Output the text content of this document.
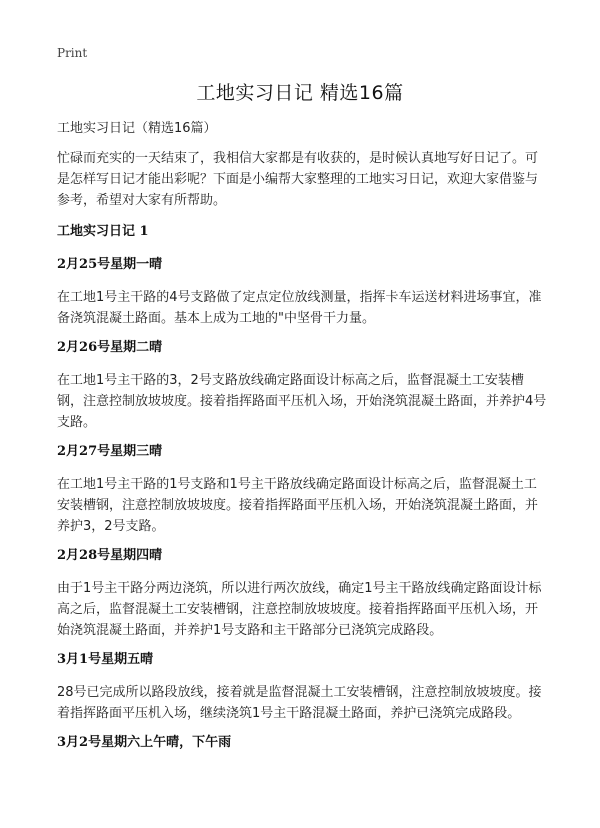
Print
工地实习日记 精选16篇

工地实习日记（精选16篇）

忙碌而充实的一天结束了，我相信大家都是有收获的，是时候认真地写好日记了。可是怎样写日记才能出彩呢？下面是小编帮大家整理的工地实习日记，欢迎大家借鉴与参考，希望对大家有所帮助。

工地实习日记 1

2月25号星期一晴

在工地1号主干路的4号支路做了定点定位放线测量，指挥卡车运送材料进场事宜，准备浇筑混凝土路面。基本上成为工地的"中坚骨干力量。

2月26号星期二晴

在工地1号主干路的3，2号支路放线确定路面设计标高之后，监督混凝土工安装槽钢，注意控制放坡坡度。接着指挥路面平压机入场，开始浇筑混凝土路面，并养护4号支路。

2月27号星期三晴

在工地1号主干路的1号支路和1号主干路放线确定路面设计标高之后，监督混凝土工安装槽钢，注意控制放坡坡度。接着指挥路面平压机入场，开始浇筑混凝土路面，并养护3，2号支路。

2月28号星期四晴

由于1号主干路分两边浇筑，所以进行两次放线，确定1号主干路放线确定路面设计标高之后，监督混凝土工安装槽钢，注意控制放坡坡度。接着指挥路面平压机入场，开始浇筑混凝土路面，并养护1号支路和主干路部分已浇筑完成路段。

3月1号星期五晴

28号已完成所以路段放线，接着就是监督混凝土工安装槽钢，注意控制放坡坡度。接着指挥路面平压机入场，继续浇筑1号主干路混凝土路面，养护已浇筑完成路段。

3月2号星期六上午晴，下午雨
